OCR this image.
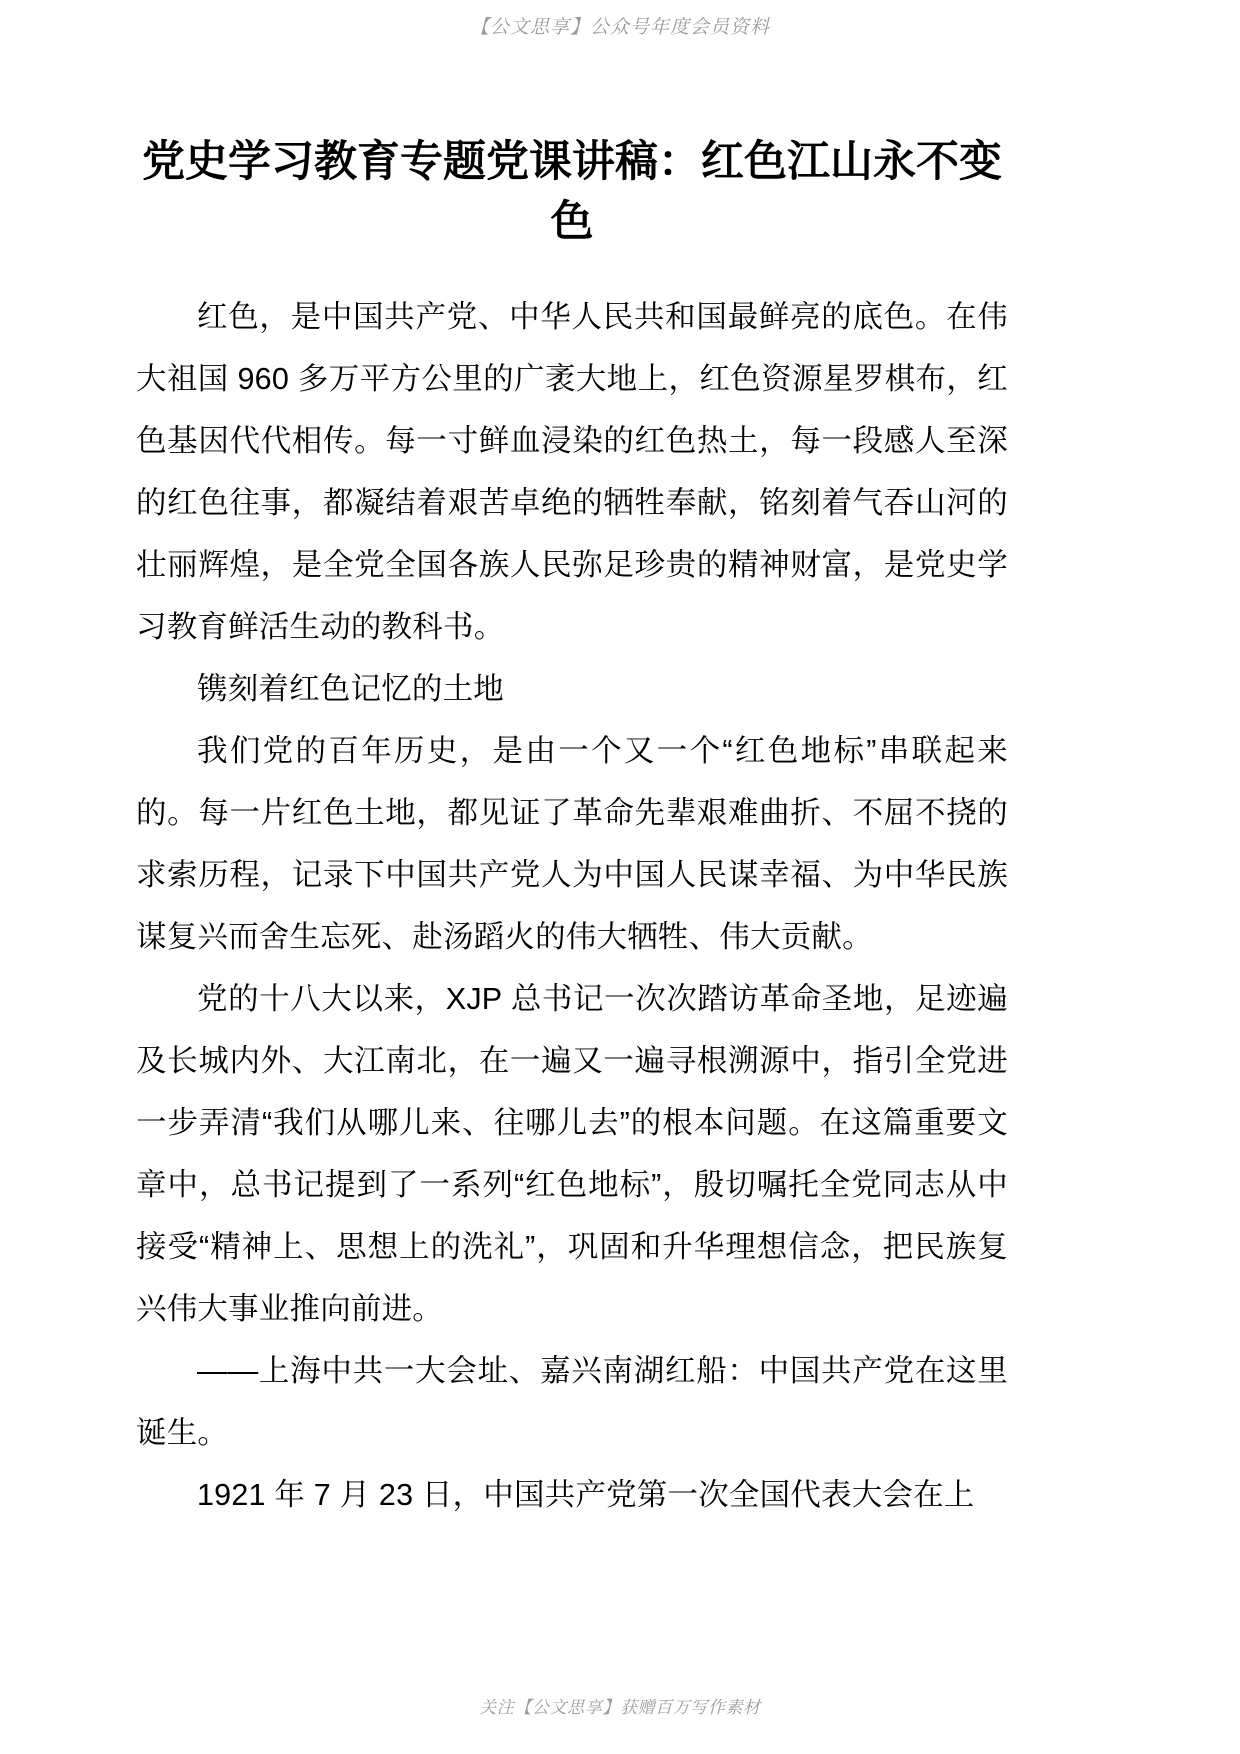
【公文思享】公众号年度会员资料
党史学习教育专题党课讲稿：红色江山永不变色

红色，是中国共产党、中华人民共和国最鲜亮的底色。在伟大祖国 960 多万平方公里的广袤大地上，红色资源星罗棋布，红色基因代代相传。每一寸鲜血浸染的红色热土，每一段感人至深的红色往事，都凝结着艰苦卓绝的牺牲奉献，铭刻着气吞山河的壮丽辉煌，是全党全国各族人民弥足珍贵的精神财富，是党史学习教育鲜活生动的教科书。

镌刻着红色记忆的土地

我们党的百年历史，是由一个又一个“红色地标”串联起来的。每一片红色土地，都见证了革命先辈艰难曲折、不屈不挠的求索历程，记录下中国共产党人为中国人民谋幸福、为中华民族谋复兴而舍生忘死、赴汤蹈火的伟大牺牲、伟大贡献。

党的十八大以来，XJP 总书记一次次踏访革命圣地，足迹遍及长城内外、大江南北，在一遍又一遍寻根溯源中，指引全党进一步弄清“我们从哪儿来、往哪儿去”的根本问题。在这篇重要文章中，总书记提到了一系列“红色地标”，殷切嘱托全党同志从中接受“精神上、思想上的洗礼”，巩固和升华理想信念，把民族复兴伟大事业推向前进。

——上海中共一大会址、嘉兴南湖红船：中国共产党在这里诞生。

1921 年 7 月 23 日，中国共产党第一次全国代表大会在上

关注【公文思享】获赠百万写作素材
